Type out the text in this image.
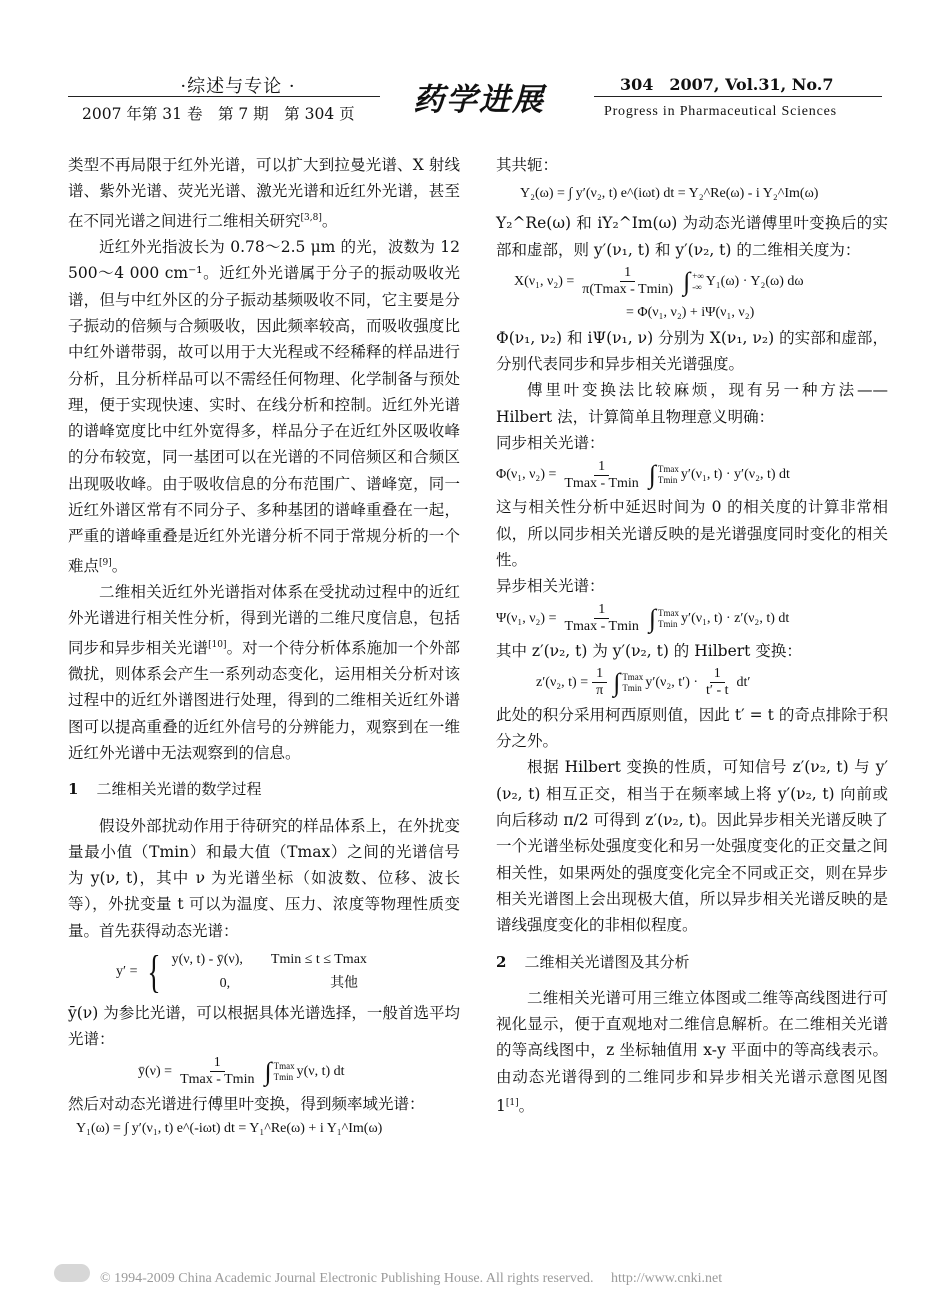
·综述与专论 ·
2007 年第 31 卷　第 7 期　第 304 页 药学进展	304　2007, Vol.31, No.7
Progress in Pharmaceutical Sciences

类型不再局限于红外光谱，可以扩大到拉曼光谱、X 射线谱、紫外光谱、荧光光谱、激光光谱和近红外光谱，甚至在不同光谱之间进行二维相关研究[3,8]。

近红外光指波长为 0.78～2.5 μm 的光，波数为 12 500～4 000 cm⁻¹。近红外光谱属于分子的振动吸收光谱，但与中红外区的分子振动基频吸收不同，它主要是分子振动的倍频与合频吸收，因此频率较高，而吸收强度比中红外谱带弱，故可以用于大光程或不经稀释的样品进行分析，且分析样品可以不需经任何物理、化学制备与预处理，便于实现快速、实时、在线分析和控制。近红外光谱的谱峰宽度比中红外宽得多，样品分子在近红外区吸收峰的分布较宽，同一基团可以在光谱的不同倍频区和合频区出现吸收峰。由于吸收信息的分布范围广、谱峰宽，同一近红外谱区常有不同分子、多种基团的谱峰重叠在一起，严重的谱峰重叠是近红外光谱分析不同于常规分析的一个难点[9]。

二维相关近红外光谱指对体系在受扰动过程中的近红外光谱进行相关性分析，得到光谱的二维尺度信息，包括同步和异步相关光谱[10]。对一个待分析体系施加一个外部微扰，则体系会产生一系列动态变化，运用相关分析对该过程中的近红外谱图进行处理，得到的二维相关近红外谱图可以提高重叠的近红外信号的分辨能力，观察到在一维近红外光谱中无法观察到的信息。

1 二维相关光谱的数学过程

假设外部扰动作用于待研究的样品体系上，在外扰变量最小值（Tmin）和最大值（Tmax）之间的光谱信号为 y(ν, t)，其中 ν 为光谱坐标（如波数、位移、波长等），外扰变量 t 可以为温度、压力、浓度等物理性质变量。首先获得动态光谱：

y′ = { y(ν, t) - ȳ(ν),　　Tmin ≤ t ≤ Tmax
0,	其他

ȳ(ν) 为参比光谱，可以根据具体光谱选择，一般首选平均光谱：

ȳ(ν) = $\frac{1}{Tmax - Tmin}$ ∫ Tmax
Tmin y(ν, t) dt

然后对动态光谱进行傅里叶变换，得到频率域光谱：

Y₁(ω) = ∫ y′(ν₁, t) e^(-iωt) dt = Y₁^Re(ω) + i Y₁^Im(ω)

其共轭：

Y₂(ω) = ∫ y′(ν₂, t) e^(iωt) dt = Y₂^Re(ω) - i Y₂^Im(ω)

Y₂^Re(ω) 和 iY₂^Im(ω) 为动态光谱傅里叶变换后的实部和虚部，则 y′(ν₁, t) 和 y′(ν₂, t) 的二维相关度为：

X(ν₁, $\nu_2) = \frac{1}{\pi(Tmax - Tmin)}$ ∫ +∞
-∞ Y₁(ω) · Y₂(ω) dω
= Φ(ν₁, ν₂) + iΨ(ν₁, ν₂)

Φ(ν₁, ν₂) 和 iΨ(ν₁, ν) 分别为 X(ν₁, ν₂) 的实部和虚部，分别代表同步和异步相关光谱强度。

傅里叶变换法比较麻烦，现有另一种方法——Hilbert 法，计算简单且物理意义明确：

同步相关光谱：

Φ(ν₁, $\nu_2) = \frac{1}{Tmax - Tmin}$ ∫ Tmax
Tmin y′(ν₁, t) · y′(ν₂, t) dt

这与相关性分析中延迟时间为 0 的相关度的计算非常相似，所以同步相关光谱反映的是光谱强度同时变化的相关性。

异步相关光谱：

Ψ(ν₁, $\nu_2) = \frac{1}{Tmax - Tmin}$ ∫ Tmax
Tmin y′(ν₁, t) · z′(ν₂, t) dt

其中 z′(ν₂, t) 为 y′(ν₂, t) 的 Hilbert 变换：

z′(ν₂, $t) = \frac{1}{\pi}$ ∫ Tmax
Tmin y′(ν₂, $t') \cdot \frac{1}{t' - t} dt'$

此处的积分采用柯西原则值，因此 t′ = t 的奇点排除于积分之外。

根据 Hilbert 变换的性质，可知信号 z′(ν₂, t) 与 y′(ν₂, t) 相互正交，相当于在频率域上将 y′(ν₂, t) 向前或向后移动 π/2 可得到 z′(ν₂, t)。因此异步相关光谱反映了一个光谱坐标处强度变化和另一处强度变化的正交量之间相关性，如果两处的强度变化完全不同或正交，则在异步相关光谱图上会出现极大值，所以异步相关光谱反映的是谱线强度变化的非相似程度。

2 二维相关光谱图及其分析

二维相关光谱可用三维立体图或二维等高线图进行可视化显示，便于直观地对二维信息解析。在二维相关光谱的等高线图中，z 坐标轴值用 x-y 平面中的等高线表示。由动态光谱得到的二维同步和异步相关光谱示意图见图 1[1]。

© 1994-2009 China Academic Journal Electronic Publishing House. All rights reserved.　 http://www.cnki.net
